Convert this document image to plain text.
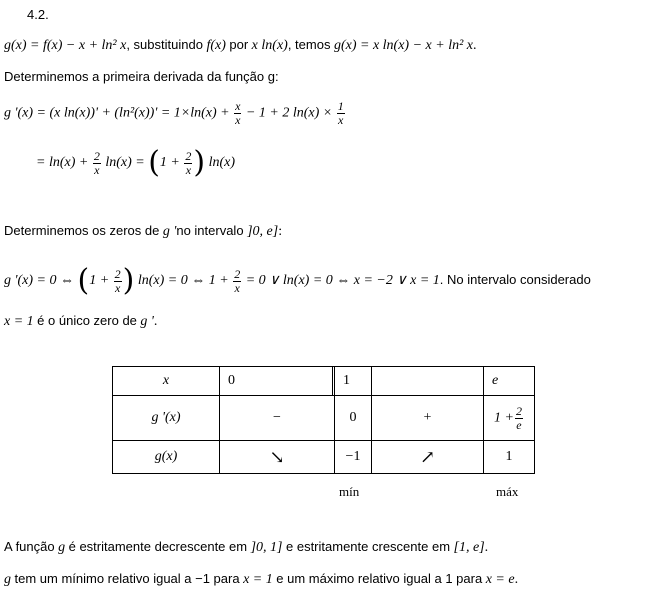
4.2.
g(x) = f(x) − x + ln² x, substituindo f(x) por x ln(x), temos g(x) = x ln(x) − x + ln² x.
Determinemos a primeira derivada da função g:
g '(x) = (x $\ln(x))' + (\ln^2(x))' = 1\times\ln(x) + \frac{x}{x} - 1 + 2$ $\ln(x) \times \frac{1}{x}$
= $\ln(x) + \frac{2}{x} \ln(x) = (1 + \frac{2}{x}$ ) ln(x)
Determinemos os zeros de g 'no intervalo ]0, e]:
g '(x) = 0 ⇔ ($1 + \frac{2}{x}$ ) ln(x) = 0 ⇔ $1 + \frac{2}{x} = 0$ ∨ ln(x) = 0 ⇔ x = −2 ∨ x = 1. No intervalo considerado
x = 1 é o único zero de g '.
x	0		1		e
g '(x)	−		0	+	$1 + \frac{2}{e}$

g(x)	↘		−1	↗	1
mín	máx
A função g é estritamente decrescente em ]0, 1] e estritamente crescente em [1, e].
g tem um mínimo relativo igual a −1 para x = 1 e um máximo relativo igual a 1 para x = e.
